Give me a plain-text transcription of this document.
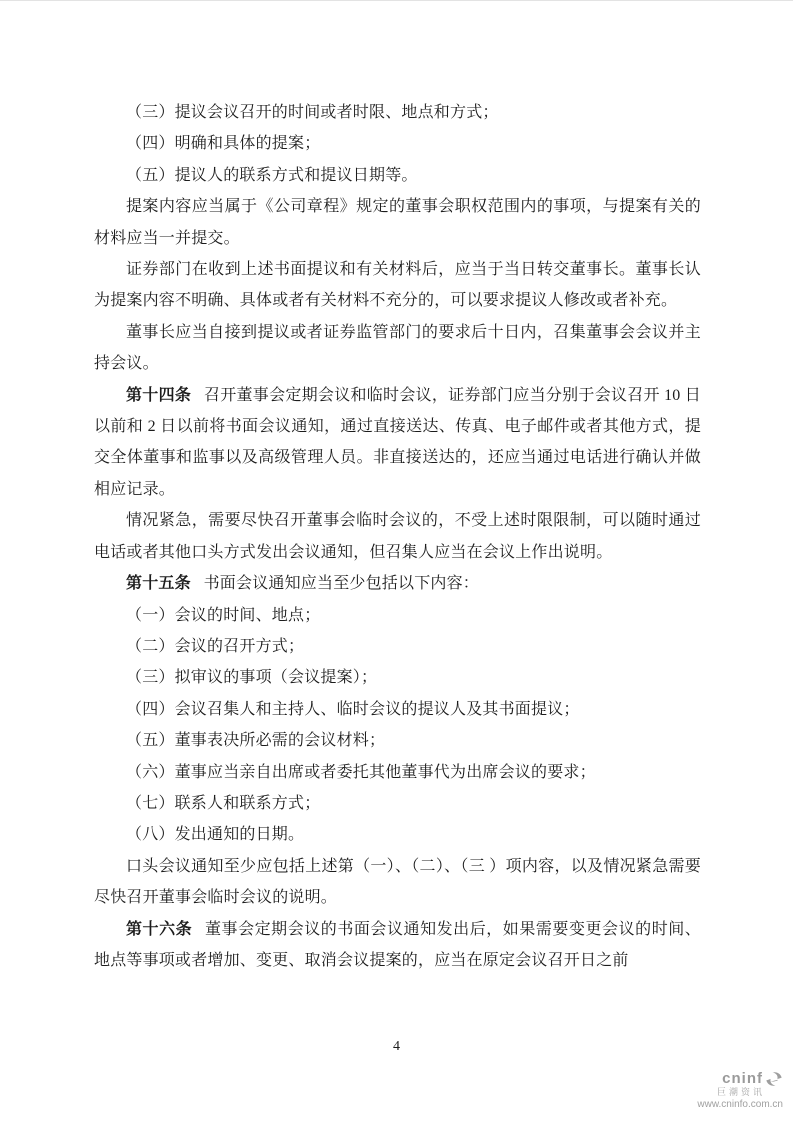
（三）提议会议召开的时间或者时限、地点和方式；

（四）明确和具体的提案；

（五）提议人的联系方式和提议日期等。

提案内容应当属于《公司章程》规定的董事会职权范围内的事项，与提案有关的材料应当一并提交。

证券部门在收到上述书面提议和有关材料后，应当于当日转交董事长。董事长认为提案内容不明确、具体或者有关材料不充分的，可以要求提议人修改或者补充。

董事长应当自接到提议或者证券监管部门的要求后十日内，召集董事会会议并主持会议。

第十四条 召开董事会定期会议和临时会议，证券部门应当分别于会议召开 10 日以前和 2 日以前将书面会议通知，通过直接送达、传真、电子邮件或者其他方式，提交全体董事和监事以及高级管理人员。非直接送达的，还应当通过电话进行确认并做相应记录。

情况紧急，需要尽快召开董事会临时会议的，不受上述时限限制，可以随时通过电话或者其他口头方式发出会议通知，但召集人应当在会议上作出说明。

第十五条 书面会议通知应当至少包括以下内容：

（一）会议的时间、地点；

（二）会议的召开方式；

（三）拟审议的事项（会议提案）；

（四）会议召集人和主持人、临时会议的提议人及其书面提议；

（五）董事表决所必需的会议材料；

（六）董事应当亲自出席或者委托其他董事代为出席会议的要求；

（七）联系人和联系方式；

（八）发出通知的日期。

口头会议通知至少应包括上述第（一）、（二）、（三 ）项内容，以及情况紧急需要尽快召开董事会临时会议的说明。

第十六条 董事会定期会议的书面会议通知发出后，如果需要变更会议的时间、地点等事项或者增加、变更、取消会议提案的，应当在原定会议召开日之前

4
cninf
巨潮资讯
www.cninfo.com.cn
